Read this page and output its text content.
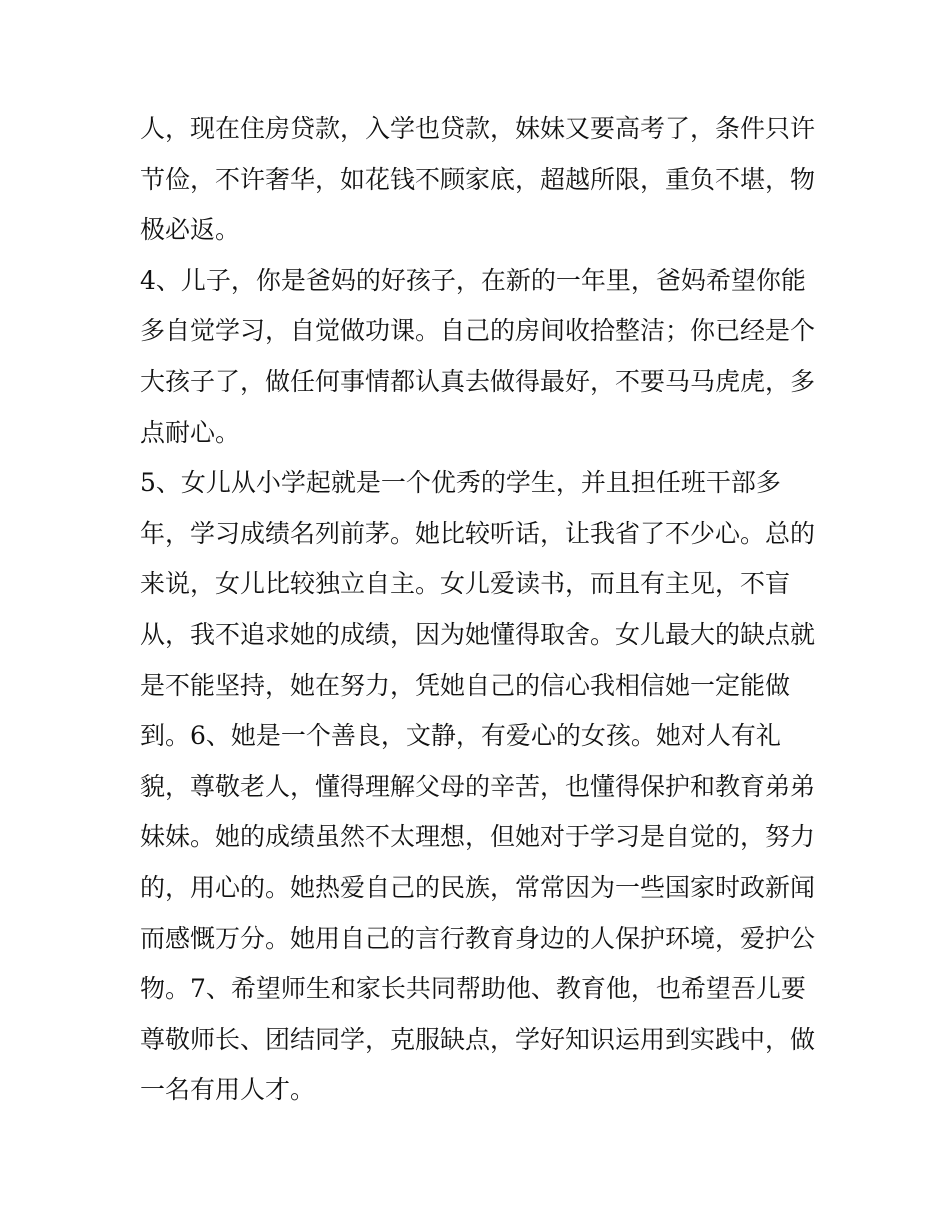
人，现在住房贷款，入学也贷款，妹妹又要高考了，条件只许
节俭，不许奢华，如花钱不顾家底，超越所限，重负不堪，物
极必返。
4、儿子，你是爸妈的好孩子，在新的一年里，爸妈希望你能
多自觉学习，自觉做功课。自己的房间收拾整洁；你已经是个
大孩子了，做任何事情都认真去做得最好，不要马马虎虎，多
点耐心。
5、女儿从小学起就是一个优秀的学生，并且担任班干部多
年，学习成绩名列前茅。她比较听话，让我省了不少心。总的
来说，女儿比较独立自主。女儿爱读书，而且有主见，不盲
从，我不追求她的成绩，因为她懂得取舍。女儿最大的缺点就
是不能坚持，她在努力，凭她自己的信心我相信她一定能做
到。6、她是一个善良，文静，有爱心的女孩。她对人有礼
貌，尊敬老人，懂得理解父母的辛苦，也懂得保护和教育弟弟
妹妹。她的成绩虽然不太理想，但她对于学习是自觉的，努力
的，用心的。她热爱自己的民族，常常因为一些国家时政新闻
而感慨万分。她用自己的言行教育身边的人保护环境，爱护公
物。7、希望师生和家长共同帮助他、教育他，也希望吾儿要
尊敬师长、团结同学，克服缺点，学好知识运用到实践中，做
一名有用人才。
